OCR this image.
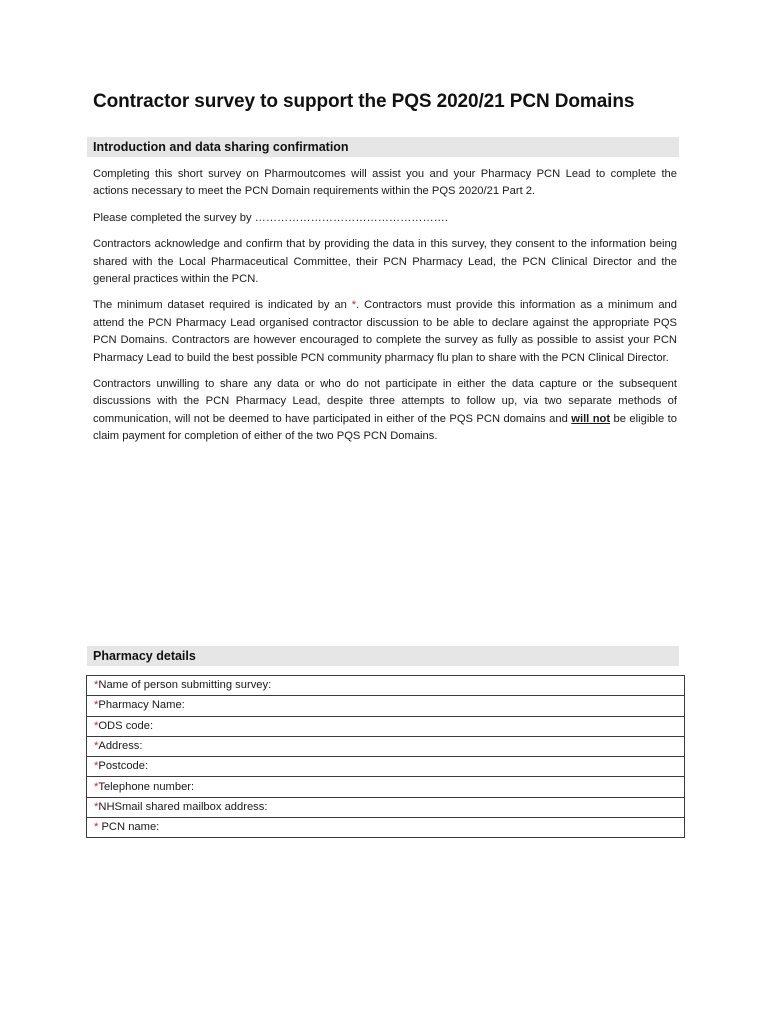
Contractor survey to support the PQS 2020/21 PCN Domains
Introduction and data sharing confirmation

Completing this short survey on Pharmoutcomes will assist you and your Pharmacy PCN Lead to complete the actions necessary to meet the PCN Domain requirements within the PQS 2020/21 Part 2.

Please completed the survey by …………………………………………….

Contractors acknowledge and confirm that by providing the data in this survey, they consent to the information being shared with the Local Pharmaceutical Committee, their PCN Pharmacy Lead, the PCN Clinical Director and the general practices within the PCN.

The minimum dataset required is indicated by an *. Contractors must provide this information as a minimum and attend the PCN Pharmacy Lead organised contractor discussion to be able to declare against the appropriate PQS PCN Domains. Contractors are however encouraged to complete the survey as fully as possible to assist your PCN Pharmacy Lead to build the best possible PCN community pharmacy flu plan to share with the PCN Clinical Director.

Contractors unwilling to share any data or who do not participate in either the data capture or the subsequent discussions with the PCN Pharmacy Lead, despite three attempts to follow up, via two separate methods of communication, will not be deemed to have participated in either of the PQS PCN domains and will not be eligible to claim payment for completion of either of the two PQS PCN Domains.

Pharmacy details
*Name of person submitting survey:
*Pharmacy Name:
*ODS code:
*Address:
*Postcode:
*Telephone number:
*NHSmail shared mailbox address:
* PCN name:
